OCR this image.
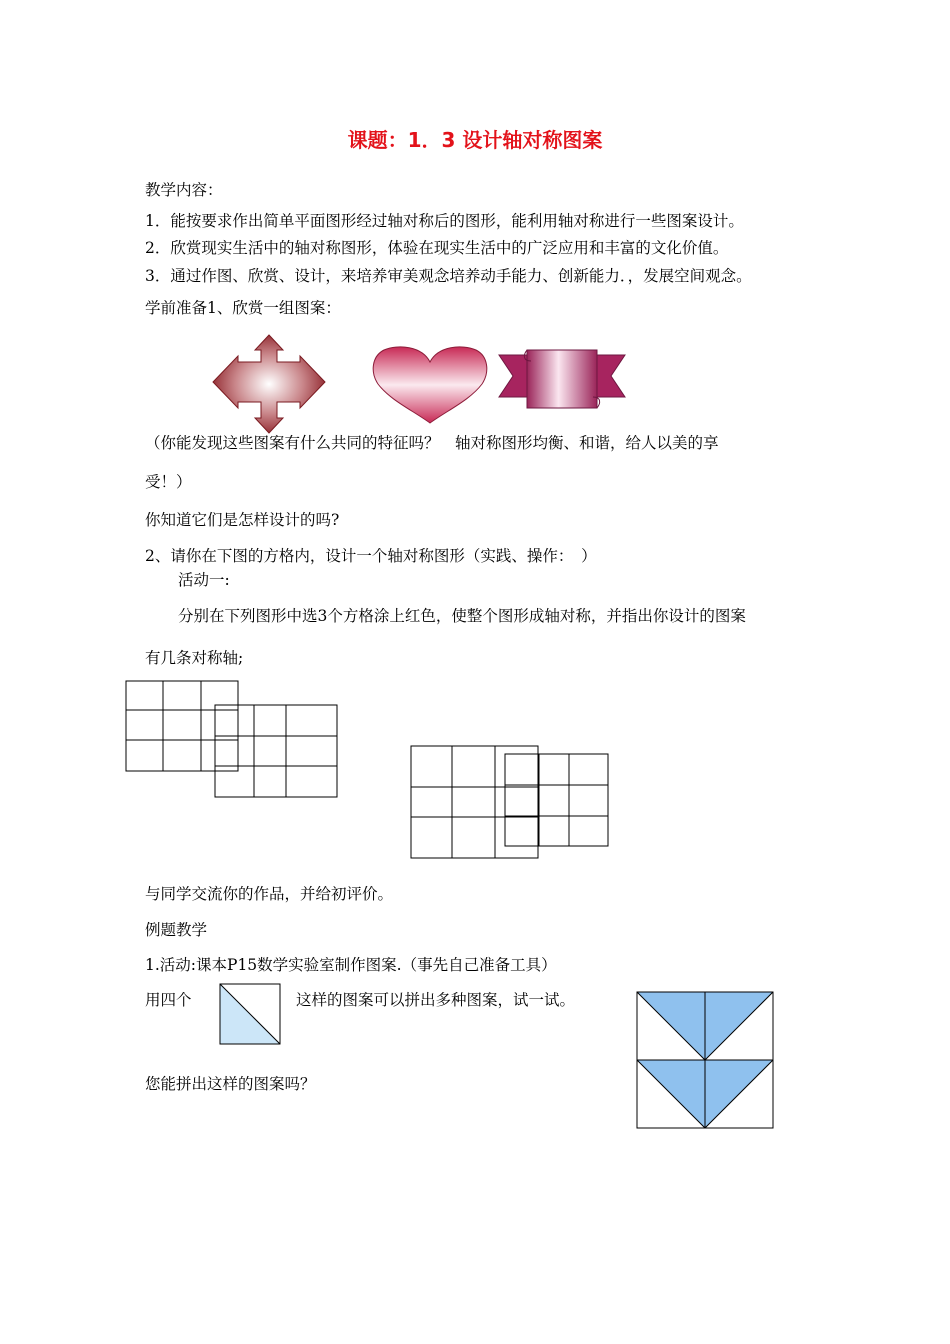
课题：1．3 设计轴对称图案
教学内容：
1．能按要求作出简单平面图形经过轴对称后的图形，能利用轴对称进行一些图案设计。
2．欣赏现实生活中的轴对称图形，体验在现实生活中的广泛应用和丰富的文化价值。
3．通过作图、欣赏、设计，来培养审美观念培养动手能力、创新能力．，发展空间观念。
学前准备1、欣赏一组图案：
（你能发现这些图案有什么共同的特征吗？　轴对称图形均衡、和谐，给人以美的享
受！）
你知道它们是怎样设计的吗?
2、请你在下图的方格内，设计一个轴对称图形（实践、操作：　）
活动一:
分别在下列图形中选3个方格涂上红色，使整个图形成轴对称，并指出你设计的图案
有几条对称轴;
与同学交流你的作品，并给初评价。
例题教学
1.活动:课本P15数学实验室制作图案.（事先自己准备工具）
用四个	这样的图案可以拼出多种图案，试一试。
您能拼出这样的图案吗？
